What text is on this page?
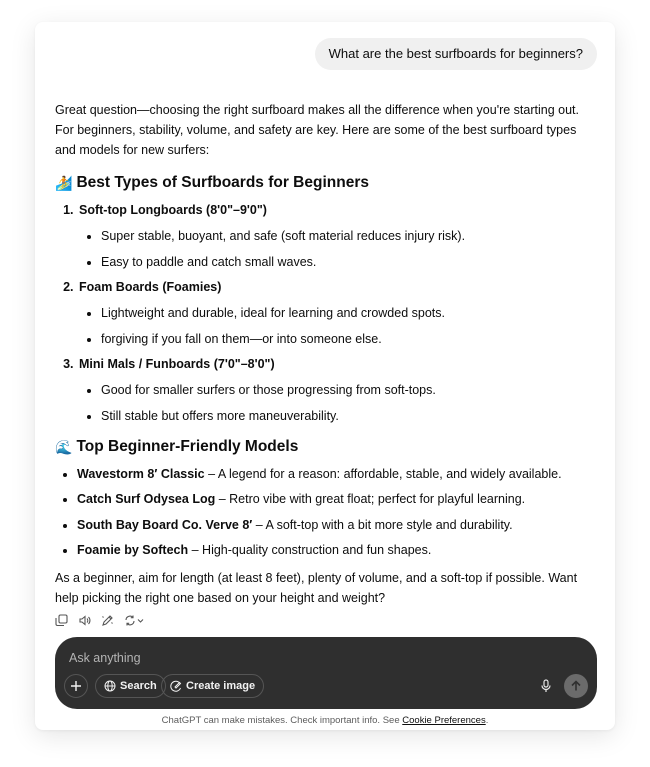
What are the best surfboards for beginners?

Great question—choosing the right surfboard makes all the difference when you're starting out. For beginners, stability, volume, and safety are key. Here are some of the best surfboard types and models for new surfers:

🏄 Best Types of Surfboards for Beginners
1. Soft-top Longboards (8'0"–9'0")
• Super stable, buoyant, and safe (soft material reduces injury risk).
• Easy to paddle and catch small waves.
2. Foam Boards (Foamies)
• Lightweight and durable, ideal for learning and crowded spots.
• forgiving if you fall on them—or into someone else.
3. Mini Mals / Funboards (7'0"–8'0")
• Good for smaller surfers or those progressing from soft-tops.
• Still stable but offers more maneuverability.
🌊 Top Beginner-Friendly Models
• Wavestorm 8′ Classic – A legend for a reason: affordable, stable, and widely available.
• Catch Surf Odysea Log – Retro vibe with great float; perfect for playful learning.
• South Bay Board Co. Verve 8′ – A soft-top with a bit more style and durability.
• Foamie by Softech – High-quality construction and fun shapes.

As a beginner, aim for length (at least 8 feet), plenty of volume, and a soft-top if possible. Want help picking the right one based on your height and weight?

Ask anything
Search	Create image
ChatGPT can make mistakes. Check important info. See Cookie Preferences.
